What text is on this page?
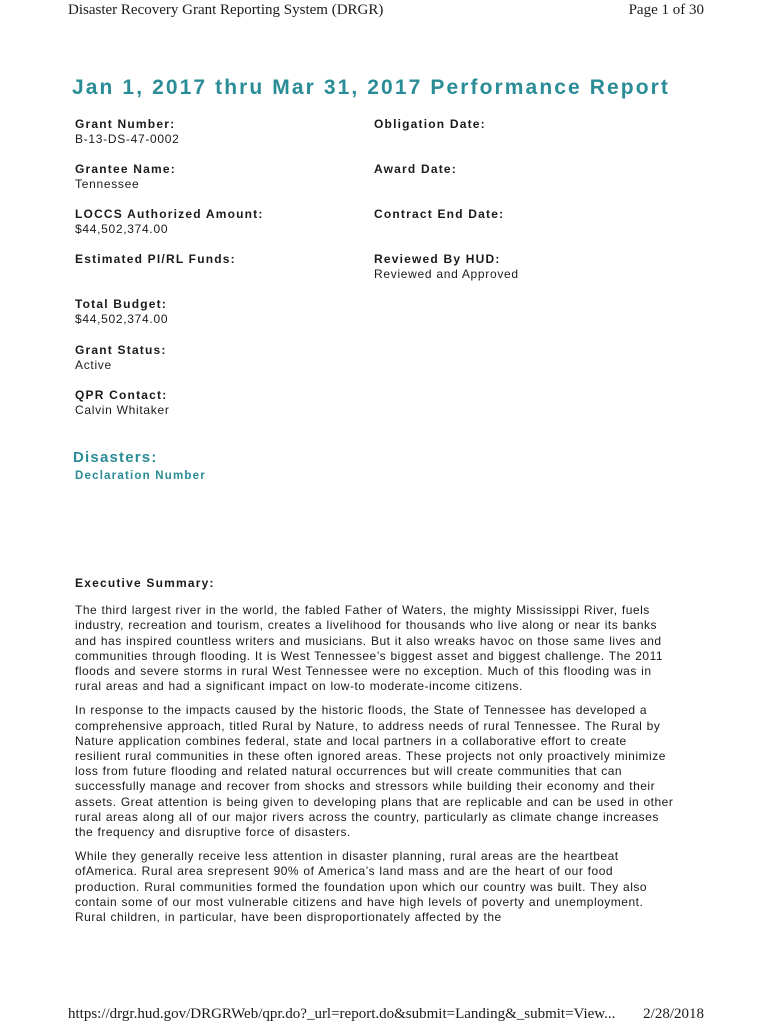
Disaster Recovery Grant Reporting System (DRGR)	Page 1 of 30
Jan 1, 2017 thru Mar 31, 2017 Performance Report
Grant Number:
B-13-DS-47-0002
Obligation Date:
Grantee Name:
Tennessee
Award Date:
LOCCS Authorized Amount:
$44,502,374.00
Contract End Date:
Estimated PI/RL Funds:	Reviewed By HUD:
Reviewed and Approved
Total Budget:
$44,502,374.00
Grant Status:
Active
QPR Contact:
Calvin Whitaker
Disasters:
Declaration Number
Executive Summary:

The third largest river in the world, the fabled Father of Waters, the mighty Mississippi River, fuels industry, recreation and tourism, creates a livelihood for thousands who live along or near its banks and has inspired countless writers and musicians. But it also wreaks havoc on those same lives and communities through flooding. It is West Tennessee’s biggest asset and biggest challenge. The 2011 floods and severe storms in rural West Tennessee were no exception. Much of this flooding was in rural areas and had a significant impact on low-to moderate-income citizens.

In response to the impacts caused by the historic floods, the State of Tennessee has developed a comprehensive approach, titled Rural by Nature, to address needs of rural Tennessee. The Rural by Nature application combines federal, state and local partners in a collaborative effort to create resilient rural communities in these often ignored areas. These projects not only proactively minimize loss from future flooding and related natural occurrences but will create communities that can successfully manage and recover from shocks and stressors while building their economy and their assets. Great attention is being given to developing plans that are replicable and can be used in other rural areas along all of our major rivers across the country, particularly as climate change increases the frequency and disruptive force of disasters.

While they generally receive less attention in disaster planning, rural areas are the heartbeat ofAmerica. Rural area srepresent 90% of America’s land mass and are the heart of our food production. Rural communities formed the foundation upon which our country was built. They also contain some of our most vulnerable citizens and have high levels of poverty and unemployment. Rural children, in particular, have been disproportionately affected by the

https://drgr.hud.gov/DRGRWeb/qpr.do?_url=report.do&submit=Landing&_submit=View... 2/28/2018
